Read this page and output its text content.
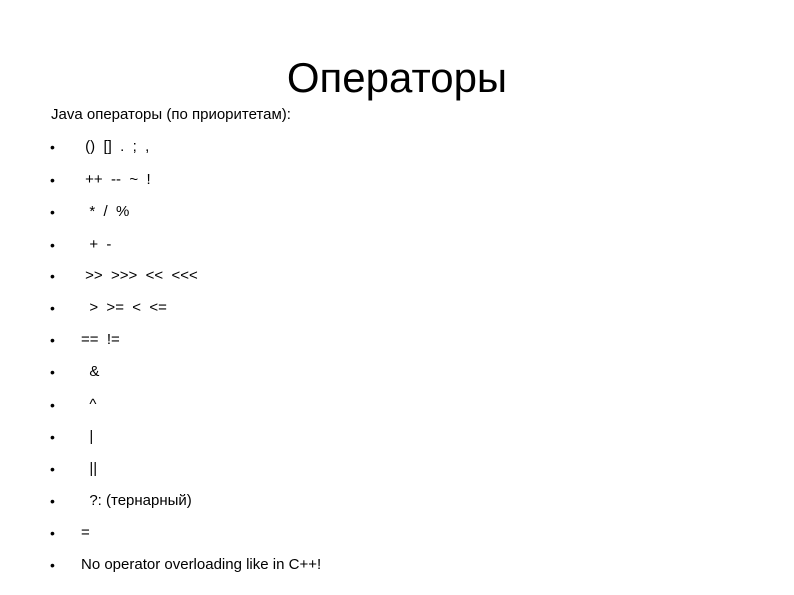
Операторы
Java операторы (по приоритетам):
• ()  []  .  ;  ,
• ++  --  ~  !
• *  /  %
• +  -
• >>  >>>  <<  <<<
• >  >=  <  <=
• ==  !=
• &
• ^
• |
• ||
• ?: (тернарный)
• =
• No operator overloading like in C++!
